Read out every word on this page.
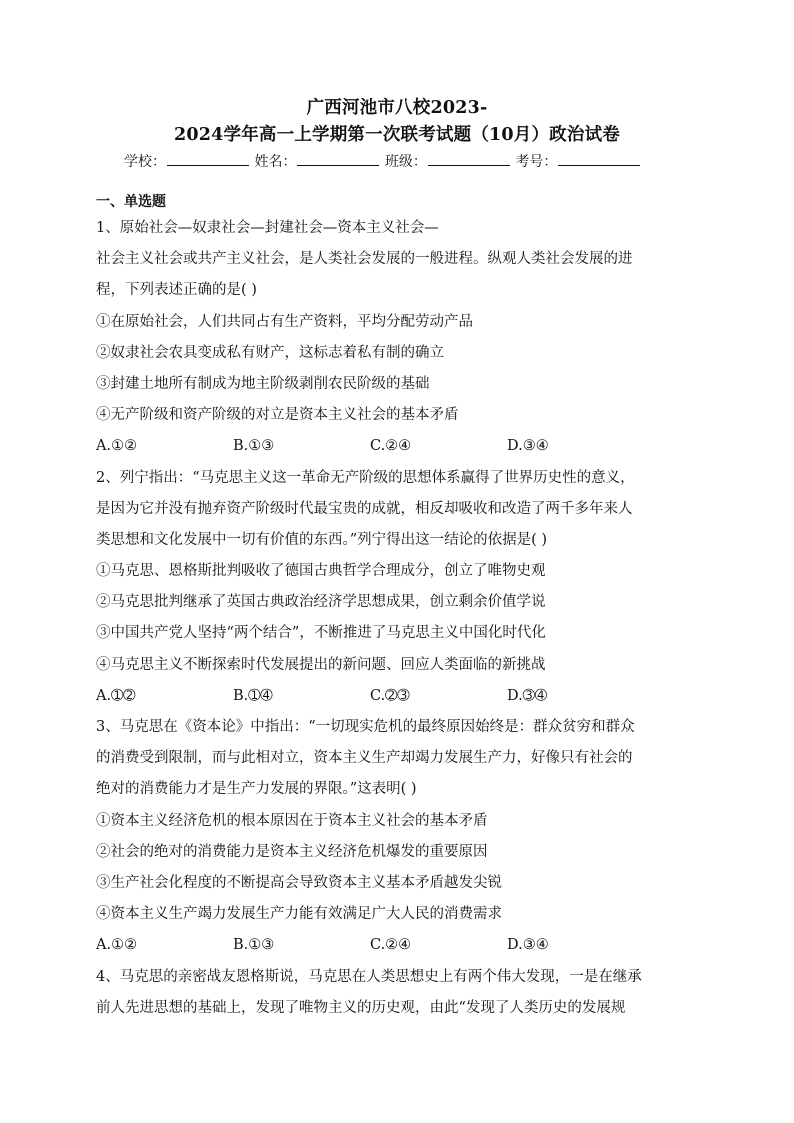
广西河池市八校2023-
2024学年高一上学期第一次联考试题（10月）政治试卷
学校：	姓名：	班级：	考号：
一、单选题
1、原始社会—奴隶社会—封建社会—资本主义社会—
社会主义社会或共产主义社会，是人类社会发展的一般进程。纵观人类社会发展的进
程，下列表述正确的是( )
①在原始社会，人们共同占有生产资料，平均分配劳动产品
②奴隶社会农具变成私有财产，这标志着私有制的确立
③封建土地所有制成为地主阶级剥削农民阶级的基础
④无产阶级和资产阶级的对立是资本主义社会的基本矛盾
A.①②	B.①③	C.②④	D.③④
2、列宁指出：“马克思主义这一革命无产阶级的思想体系赢得了世界历史性的意义，
是因为它并没有抛弃资产阶级时代最宝贵的成就，相反却吸收和改造了两千多年来人
类思想和文化发展中一切有价值的东西。”列宁得出这一结论的依据是( )
➀马克思、恩格斯批判吸收了德国古典哲学合理成分，创立了唯物史观
➁马克思批判继承了英国古典政治经济学思想成果，创立剩余价值学说
➂中国共产党人坚持“两个结合”，不断推进了马克思主义中国化时代化
➃马克思主义不断探索时代发展提出的新问题、回应人类面临的新挑战
A.➀➁	B.➀➃	C.➁➂	D.➂➃
3、马克思在《资本论》中指出：“一切现实危机的最终原因始终是：群众贫穷和群众
的消费受到限制，而与此相对立，资本主义生产却竭力发展生产力，好像只有社会的
绝对的消费能力才是生产力发展的界限。”这表明( )
①资本主义经济危机的根本原因在于资本主义社会的基本矛盾
②社会的绝对的消费能力是资本主义经济危机爆发的重要原因
③生产社会化程度的不断提高会导致资本主义基本矛盾越发尖锐
④资本主义生产竭力发展生产力能有效满足广大人民的消费需求
A.①②	B.①③	C.②④	D.③④
4、马克思的亲密战友恩格斯说，马克思在人类思想史上有两个伟大发现，一是在继承
前人先进思想的基础上，发现了唯物主义的历史观，由此“发现了人类历史的发展规
